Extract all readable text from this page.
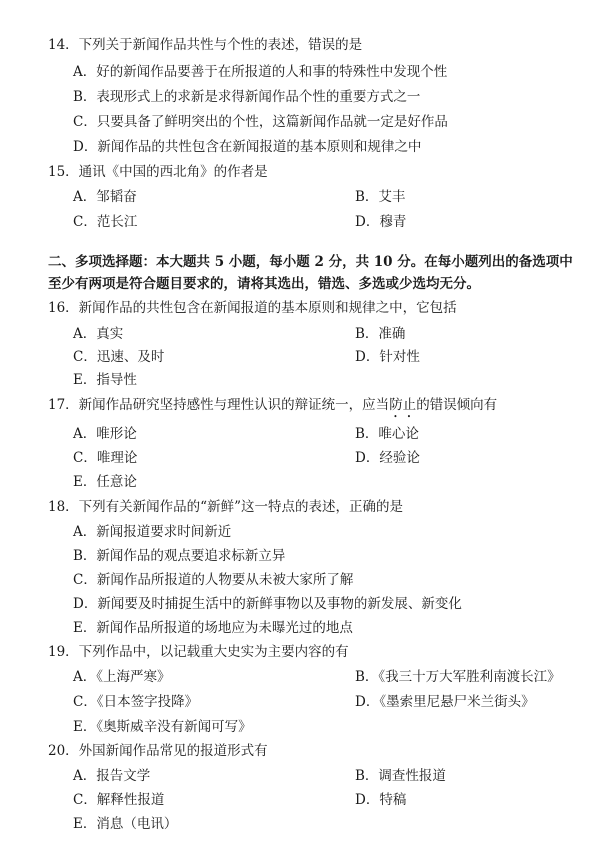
14．下列关于新闻作品共性与个性的表述，错误的是
A．好的新闻作品要善于在所报道的人和事的特殊性中发现个性
B．表现形式上的求新是求得新闻作品个性的重要方式之一
C．只要具备了鲜明突出的个性，这篇新闻作品就一定是好作品
D．新闻作品的共性包含在新闻报道的基本原则和规律之中
15．通讯《中国的西北角》的作者是
A．邹韬奋	B．艾丰
C．范长江	D．穆青
二、多项选择题：本大题共 5 小题，每小题 2 分，共 10 分。在每小题列出的备选项中
至少有两项是符合题目要求的，请将其选出，错选、多选或少选均无分。
16．新闻作品的共性包含在新闻报道的基本原则和规律之中，它包括
A．真实	B．准确
C．迅速、及时	D．针对性
E．指导性
17．新闻作品研究坚持感性与理性认识的辩证统一，应当防止的错误倾向有
A．唯形论	B．唯心论
C．唯理论	D．经验论
E．任意论
18．下列有关新闻作品的“新鲜”这一特点的表述，正确的是
A．新闻报道要求时间新近
B．新闻作品的观点要追求标新立异
C．新闻作品所报道的人物要从未被大家所了解
D．新闻要及时捕捉生活中的新鲜事物以及事物的新发展、新变化
E．新闻作品所报道的场地应为未曝光过的地点
19．下列作品中，以记载重大史实为主要内容的有
A．《上海严寒》	B．《我三十万大军胜利南渡长江》
C．《日本签字投降》	D．《墨索里尼悬尸米兰街头》
E．《奥斯威辛没有新闻可写》
20．外国新闻作品常见的报道形式有
A．报告文学	B．调查性报道
C．解释性报道	D．特稿
E．消息（电讯）
